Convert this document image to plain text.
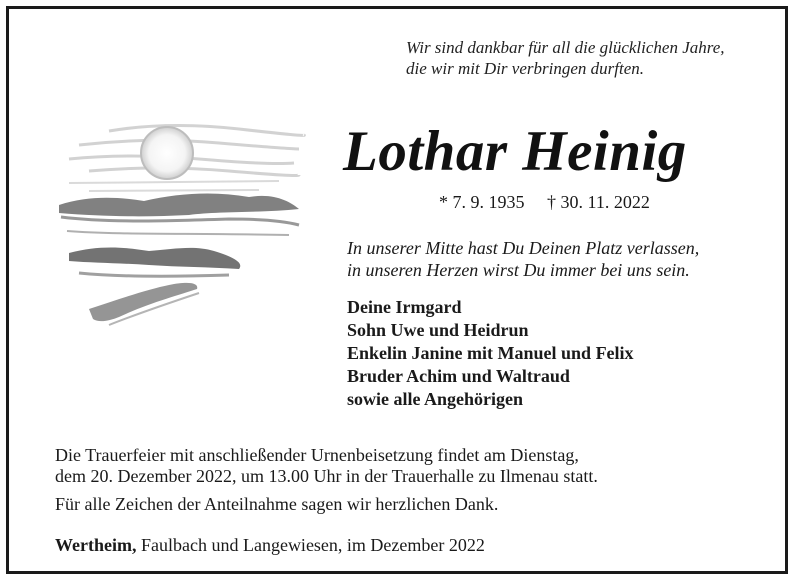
Wir sind dankbar für all die glücklichen Jahre,
die wir mit Dir verbringen durften.
Lothar Heinig
* 7. 9. 1935 † 30. 11. 2022
In unserer Mitte hast Du Deinen Platz verlassen,
in unseren Herzen wirst Du immer bei uns sein.
Deine Irmgard
Sohn Uwe und Heidrun
Enkelin Janine mit Manuel und Felix
Bruder Achim und Waltraud
sowie alle Angehörigen
Die Trauerfeier mit anschließender Urnenbeisetzung findet am Dienstag,
dem 20. Dezember 2022, um 13.00 Uhr in der Trauerhalle zu Ilmenau statt.
Für alle Zeichen der Anteilnahme sagen wir herzlichen Dank.
Wertheim, Faulbach und Langewiesen, im Dezember 2022
